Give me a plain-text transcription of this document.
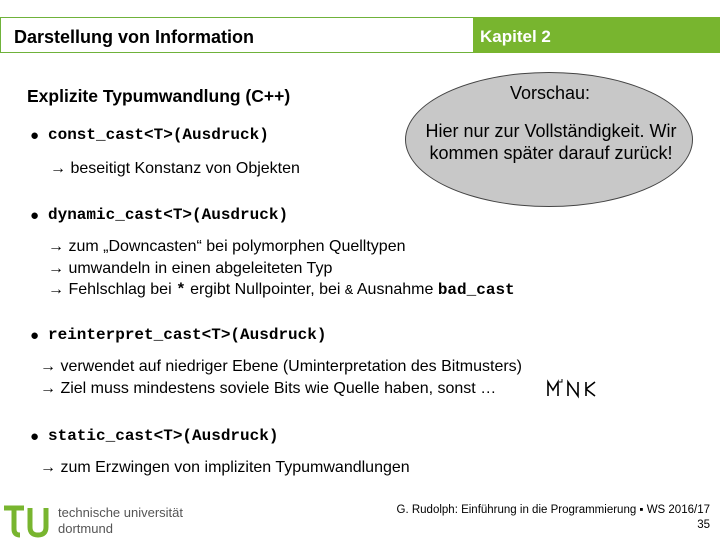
Darstellung von Information	Kapitel 2
Explizite Typumwandlung (C++)	Vorschau:
Hier nur zur Vollständigkeit. Wir kommen später darauf zurück!
● const_cast<T>(Ausdruck)
→ beseitigt Konstanz von Objekten
● dynamic_cast<T>(Ausdruck)
→ zum „Downcasten“ bei polymorphen Quelltypen
→ umwandeln in einen abgeleiteten Typ
→ Fehlschlag bei * ergibt Nullpointer, bei & Ausnahme bad_cast
● reinterpret_cast<T>(Ausdruck)
→ verwendet auf niedriger Ebene (Uminterpretation des Bitmusters)
→ Ziel muss mindestens soviele Bits wie Quelle haben, sonst …
● static_cast<T>(Ausdruck)
→ zum Erzwingen von impliziten Typumwandlungen
technische universität dortmund
G. Rudolph: Einführung in die Programmierung ▪ WS 2016/17
35
